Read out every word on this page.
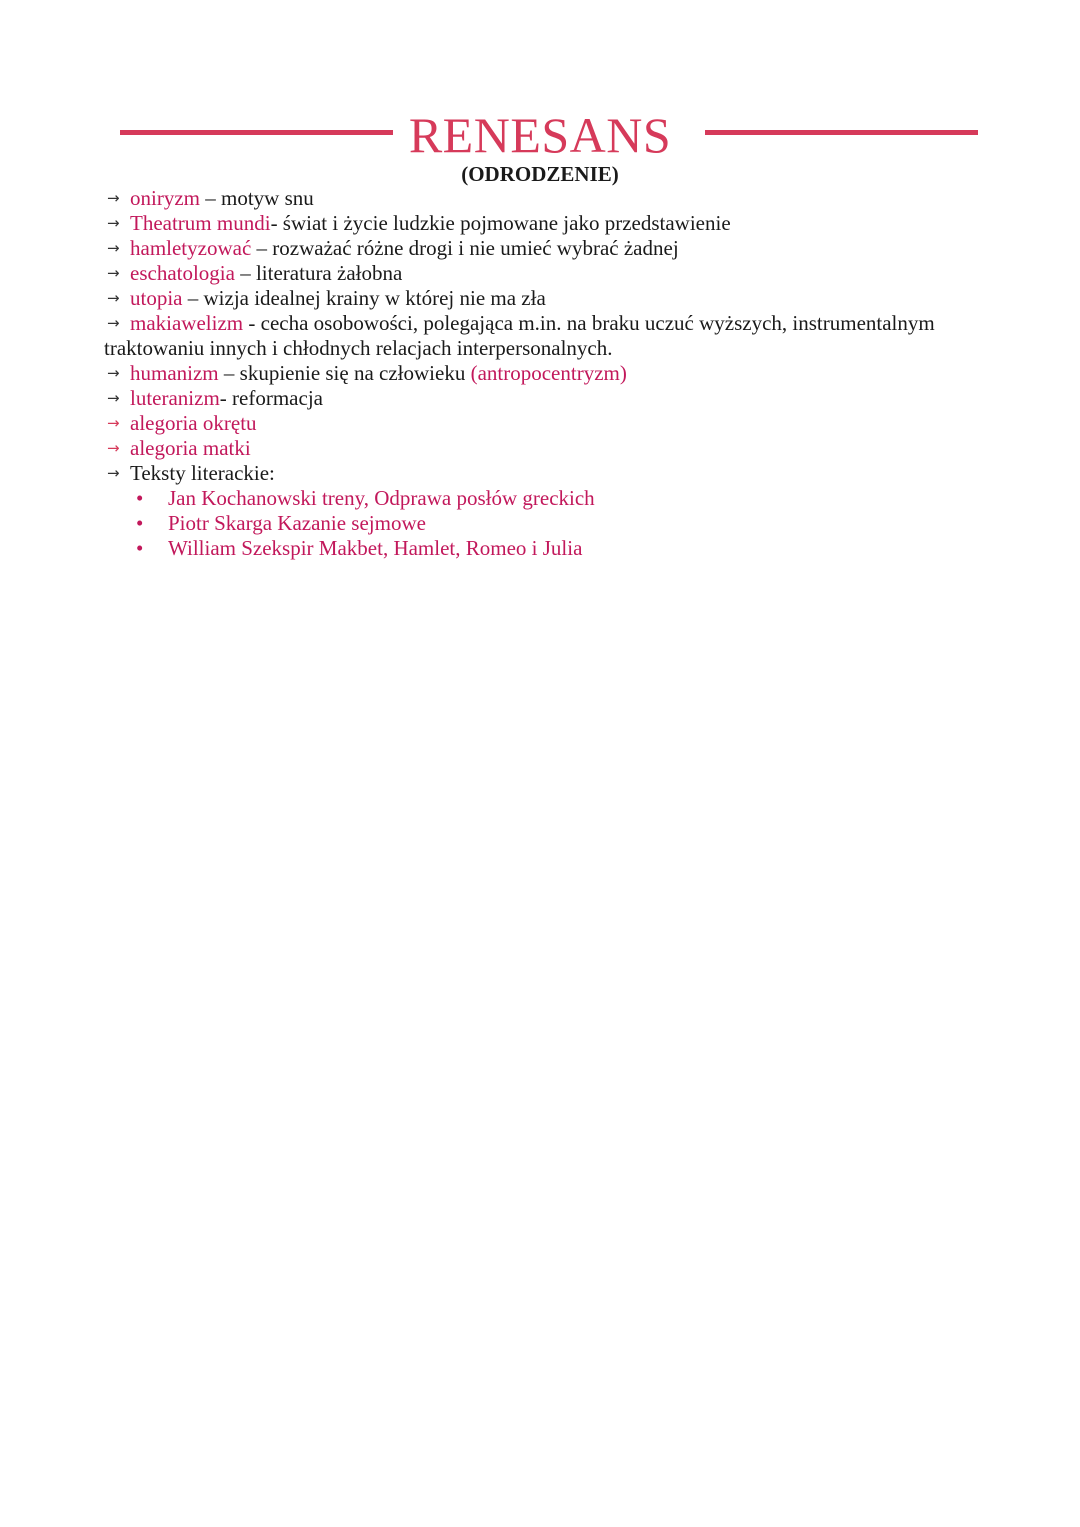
RENESANS
(ODRODZENIE)
→ oniryzm – motyw snu
→ Theatrum mundi- świat i życie ludzkie pojmowane jako przedstawienie
→ hamletyzować – rozważać różne drogi i nie umieć wybrać żadnej
→ eschatologia – literatura żałobna
→ utopia – wizja idealnej krainy w której nie ma zła
→ makiawelizm - cecha osobowości, polegająca m.in. na braku uczuć wyższych, instrumentalnym
traktowaniu innych i chłodnych relacjach interpersonalnych.
→ humanizm – skupienie się na człowieku (antropocentryzm)
→ luteranizm- reformacja
→ alegoria okrętu
→ alegoria matki
→ Teksty literackie:
• Jan Kochanowski treny, Odprawa posłów greckich
• Piotr Skarga Kazanie sejmowe
• William Szekspir Makbet, Hamlet, Romeo i Julia
